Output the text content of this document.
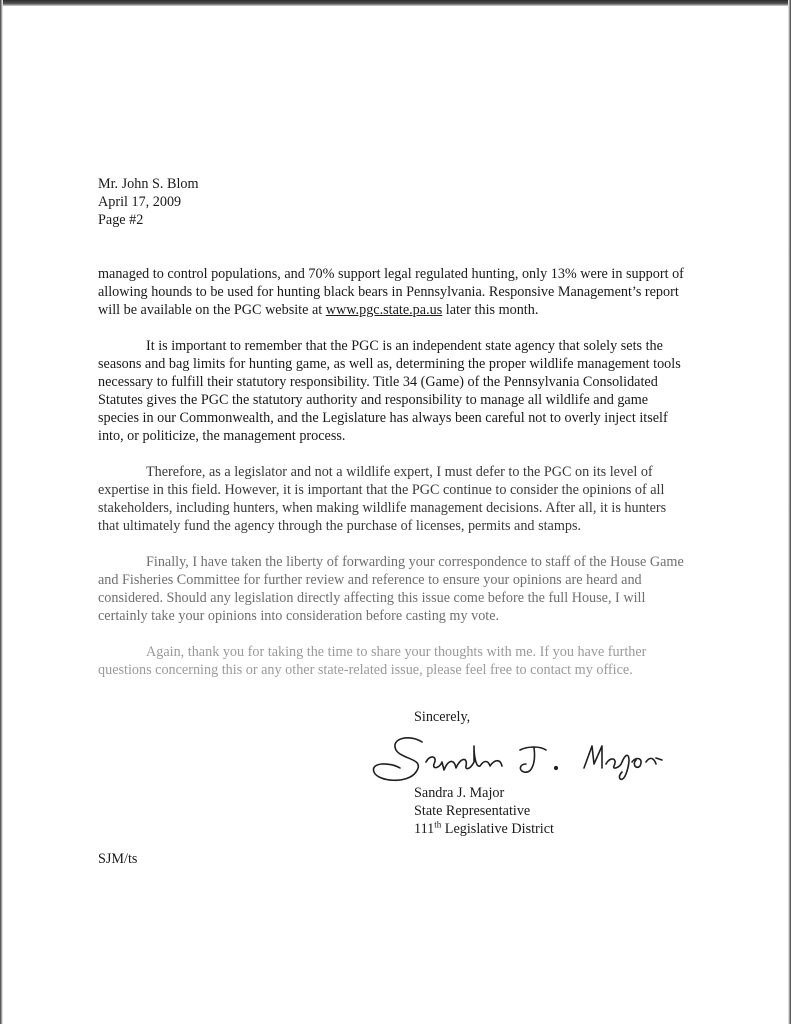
Mr. John S. Blom
April 17, 2009
Page #2

managed to control populations, and 70% support legal regulated hunting, only 13% were in support of allowing hounds to be used for hunting black bears in Pennsylvania. Responsive Management’s report will be available on the PGC website at www.pgc.state.pa.us later this month.

It is important to remember that the PGC is an independent state agency that solely sets the seasons and bag limits for hunting game, as well as, determining the proper wildlife management tools necessary to fulfill their statutory responsibility. Title 34 (Game) of the Pennsylvania Consolidated Statutes gives the PGC the statutory authority and responsibility to manage all wildlife and game species in our Commonwealth, and the Legislature has always been careful not to overly inject itself into, or politicize, the management process.

Therefore, as a legislator and not a wildlife expert, I must defer to the PGC on its level of expertise in this field. However, it is important that the PGC continue to consider the opinions of all stakeholders, including hunters, when making wildlife management decisions. After all, it is hunters that ultimately fund the agency through the purchase of licenses, permits and stamps.

Finally, I have taken the liberty of forwarding your correspondence to staff of the House Game and Fisheries Committee for further review and reference to ensure your opinions are heard and considered. Should any legislation directly affecting this issue come before the full House, I will certainly take your opinions into consideration before casting my vote.

Again, thank you for taking the time to share your thoughts with me. If you have further questions concerning this or any other state-related issue, please feel free to contact my office.

Sincerely,
Sandra J. Major
State Representative
111th Legislative District
SJM/ts
